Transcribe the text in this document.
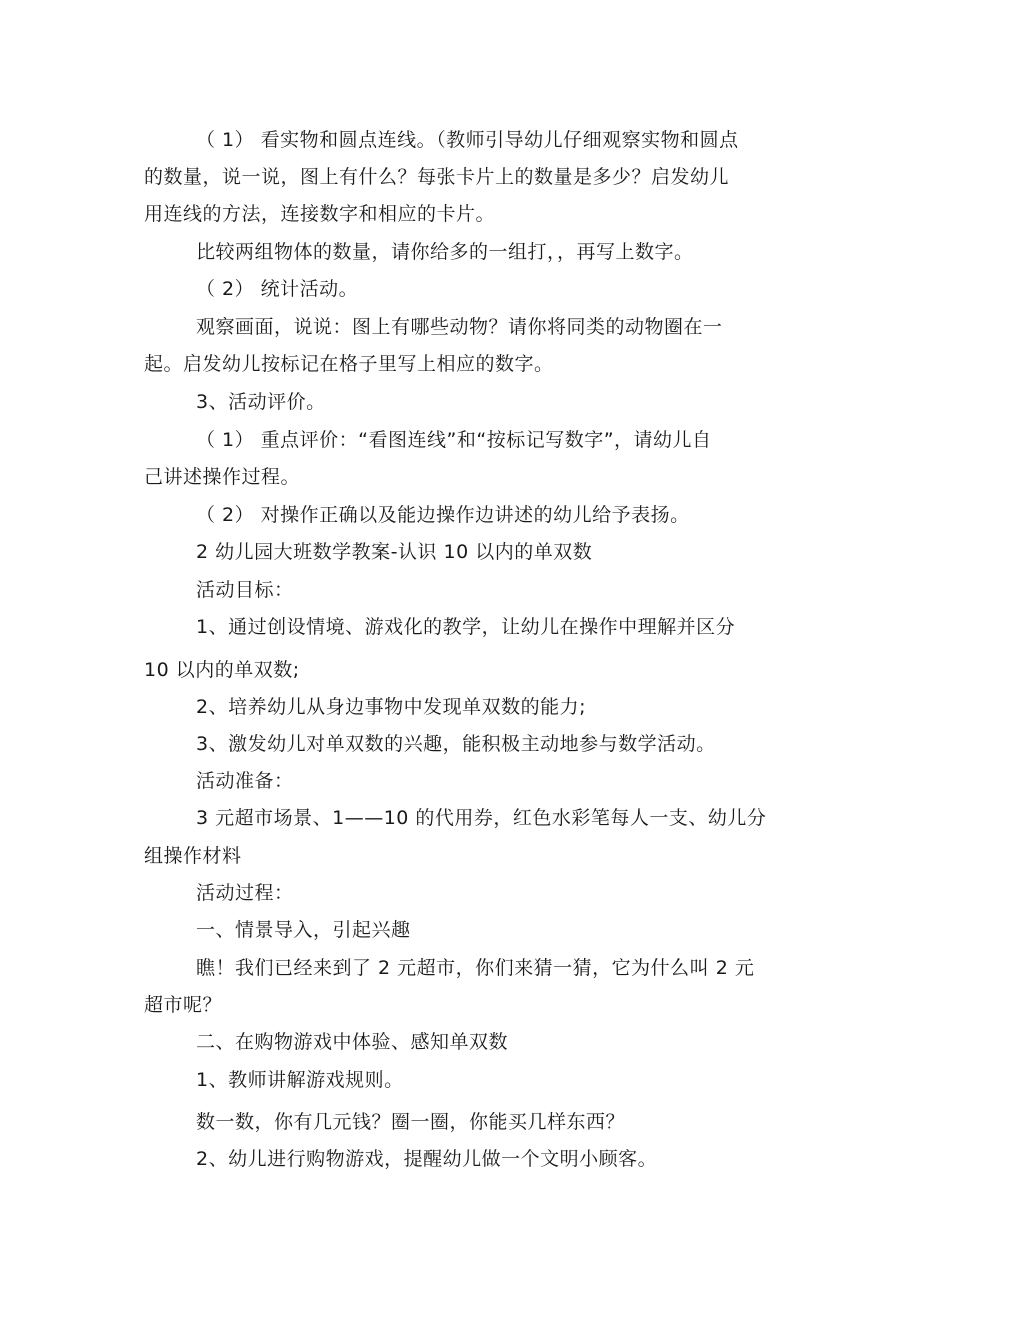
（ 1） 看实物和圆点连线。（教师引导幼儿仔细观察实物和圆点
的数量，说一说，图上有什么？每张卡片上的数量是多少？启发幼儿
用连线的方法，连接数字和相应的卡片。
比较两组物体的数量，请你给多的一组打，，再写上数字。
（ 2） 统计活动。
观察画面，说说：图上有哪些动物？请你将同类的动物圈在一
起。启发幼儿按标记在格子里写上相应的数字。
3、活动评价。
（ 1） 重点评价：“看图连线”和“按标记写数字”，请幼儿自
己讲述操作过程。
（ 2） 对操作正确以及能边操作边讲述的幼儿给予表扬。
2 幼儿园大班数学教案-认识 10 以内的单双数
活动目标：
1、通过创设情境、游戏化的教学，让幼儿在操作中理解并区分
10 以内的单双数;
2、培养幼儿从身边事物中发现单双数的能力;
3、激发幼儿对单双数的兴趣，能积极主动地参与数学活动。
活动准备：
3 元超市场景、1——10 的代用券，红色水彩笔每人一支、幼儿分
组操作材料
活动过程：
一、情景导入，引起兴趣
瞧！我们已经来到了 2 元超市，你们来猜一猜，它为什么叫 2 元
超市呢？
二、在购物游戏中体验、感知单双数
1、教师讲解游戏规则。
数一数，你有几元钱？圈一圈，你能买几样东西？
2、幼儿进行购物游戏，提醒幼儿做一个文明小顾客。
